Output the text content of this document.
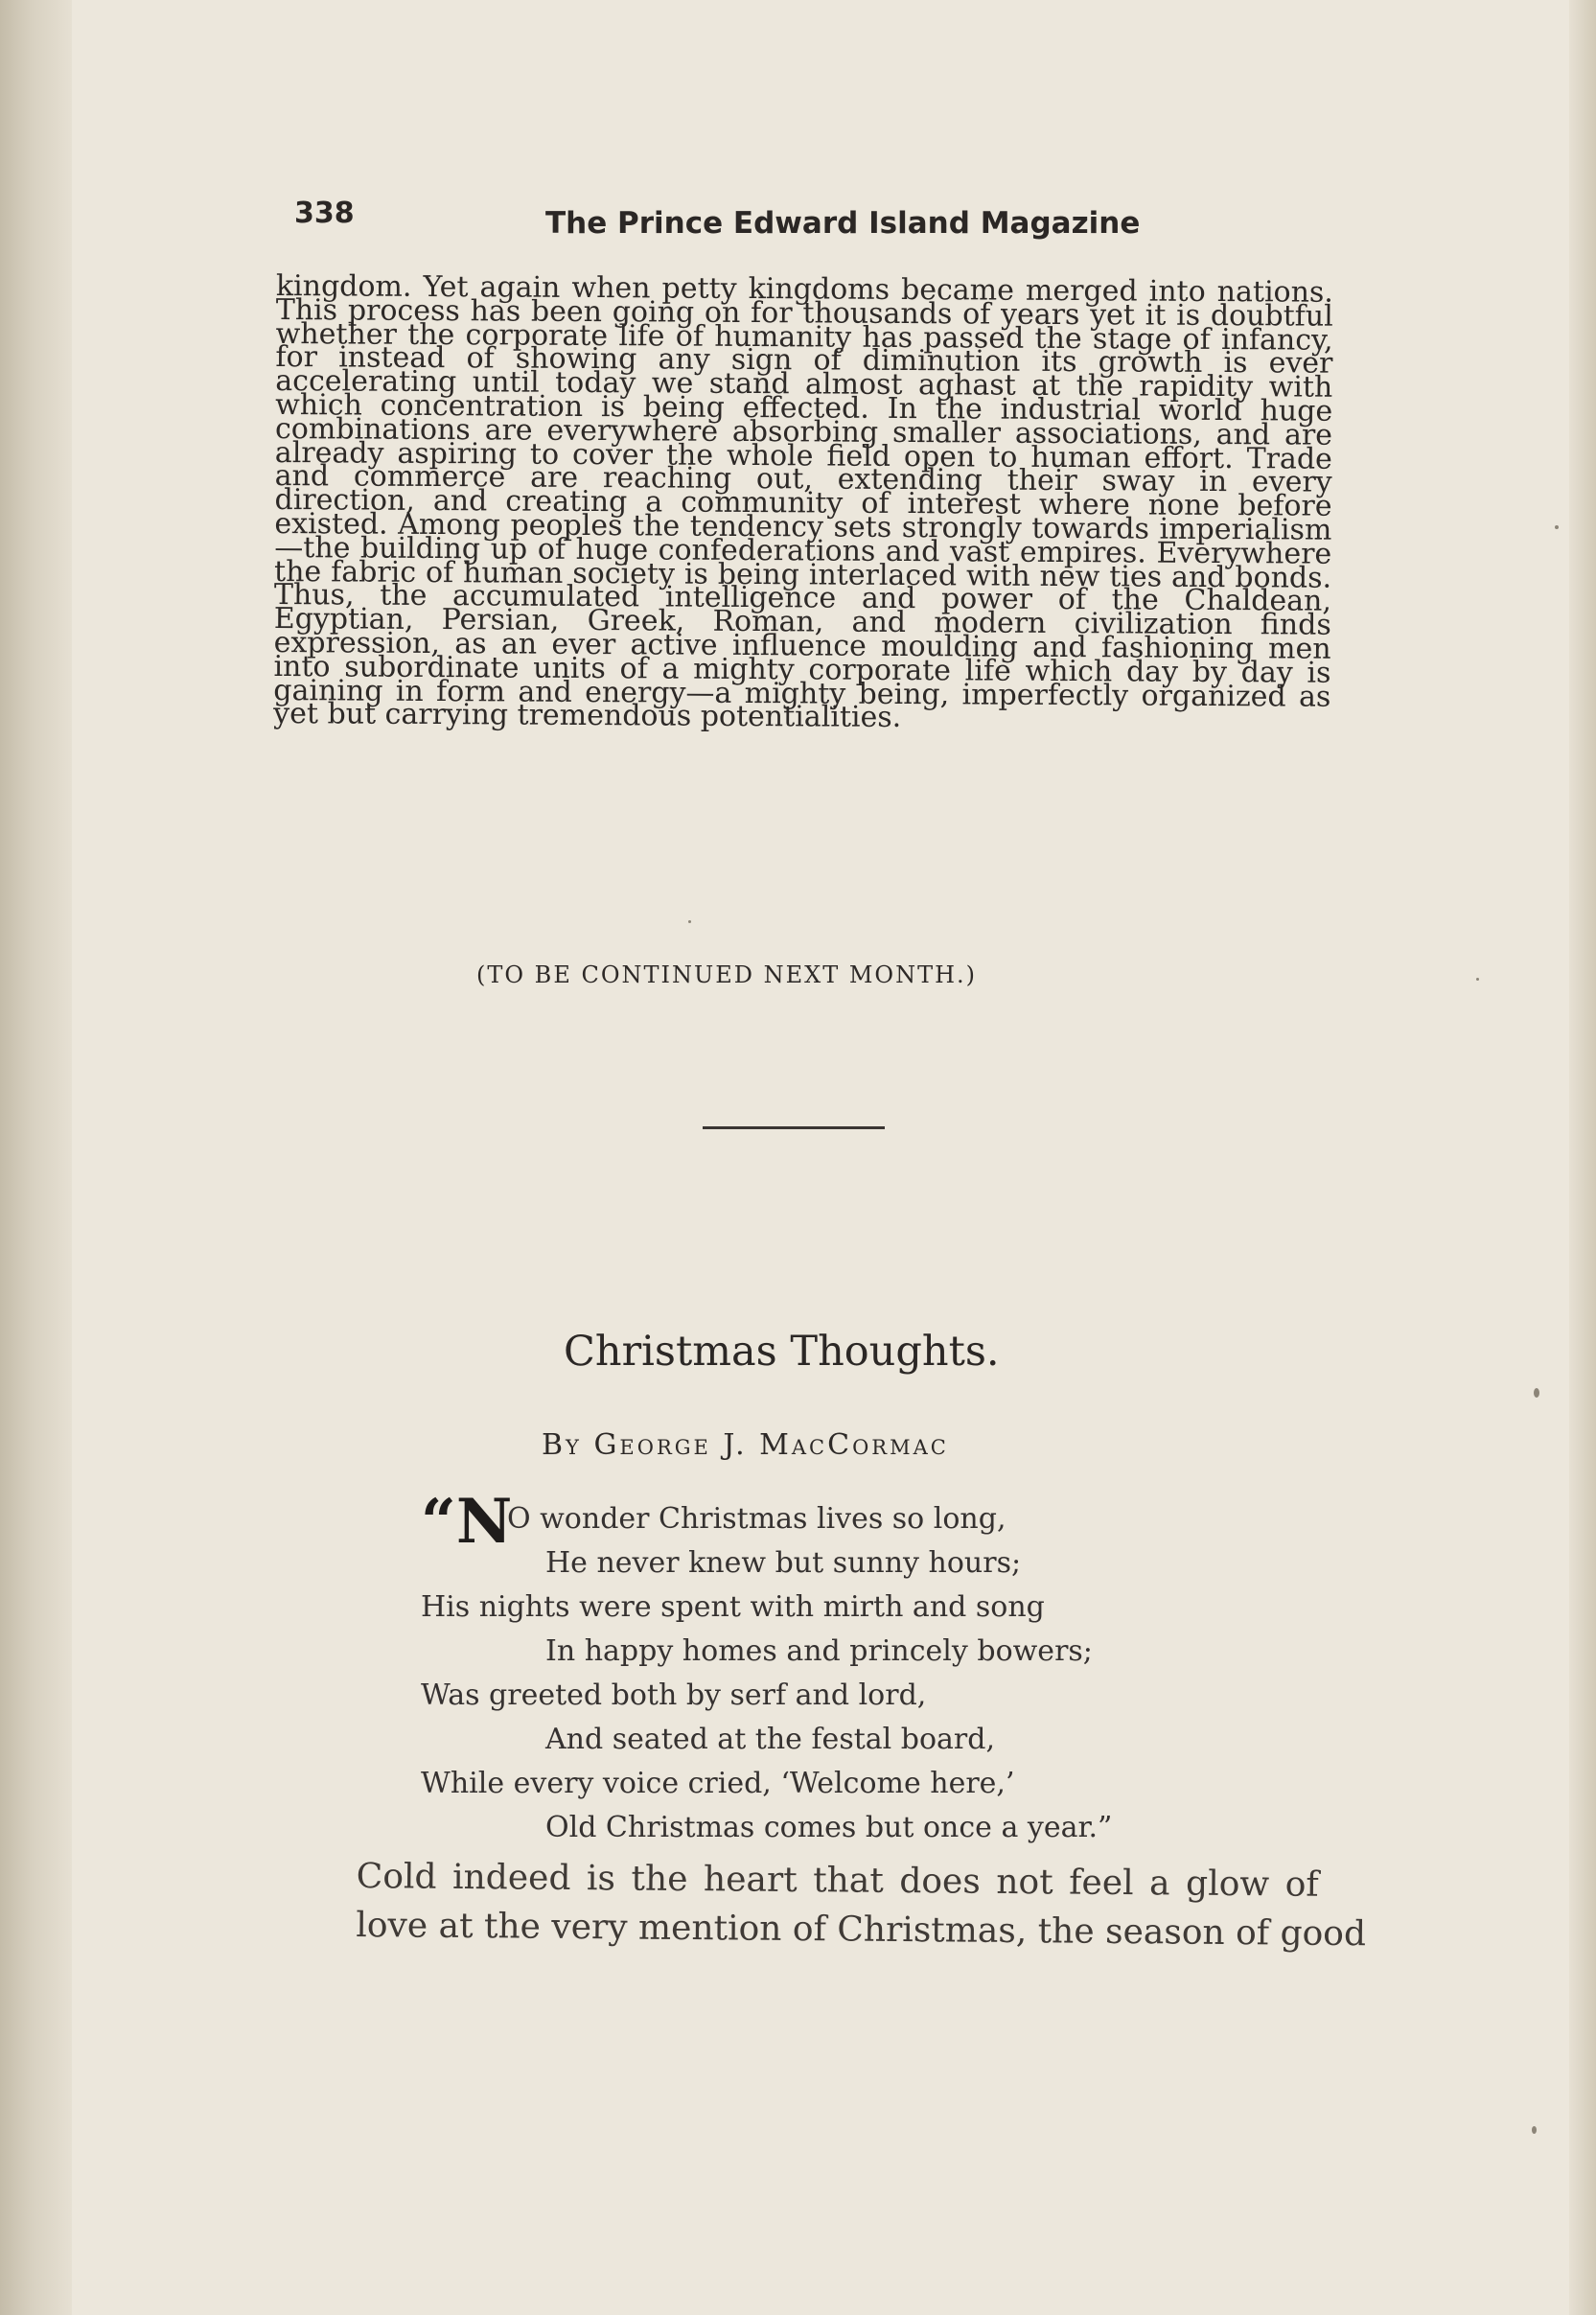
338	The Prince Edward Island Magazine

kingdom. Yet again when petty kingdoms became merged into nations. This process has been going on for thousands of years yet it is doubtful whether the corporate life of humanity has passed the stage of infancy, for instead of showing any sign of diminution its growth is ever accelerating until today we stand almost aghast at the rapidity with which concentration is being effected. In the industrial world huge combinations are everywhere absorbing smaller associations, and are already aspiring to cover the whole field open to human effort. Trade and commerce are reaching out, extending their sway in every direction, and creating a community of interest where none before existed. Among peoples the tendency sets strongly towards imperialism—the building up of huge confederations and vast empires. Everywhere the fabric of human society is being interlaced with new ties and bonds. Thus, the accumulated intelligence and power of the Chaldean, Egyptian, Persian, Greek, Roman, and modern civilization finds expression, as an ever active influence moulding and fashioning men into subordinate units of a mighty corporate life which day by day is gaining in form and energy—a mighty being, imperfectly organized as yet but carrying tremendous potentialities.

(TO BE CONTINUED NEXT MONTH.)
Christmas Thoughts.
By George J. MacCormac
“N
O wonder Christmas lives so long,
He never knew but sunny hours;
His nights were spent with mirth and song
In happy homes and princely bowers;
Was greeted both by serf and lord,
And seated at the festal board,
While every voice cried, ‘Welcome here,’
Old Christmas comes but once a year.”
Cold indeed is the heart that does not feel a glow of
love at the very mention of Christmas, the season of good
